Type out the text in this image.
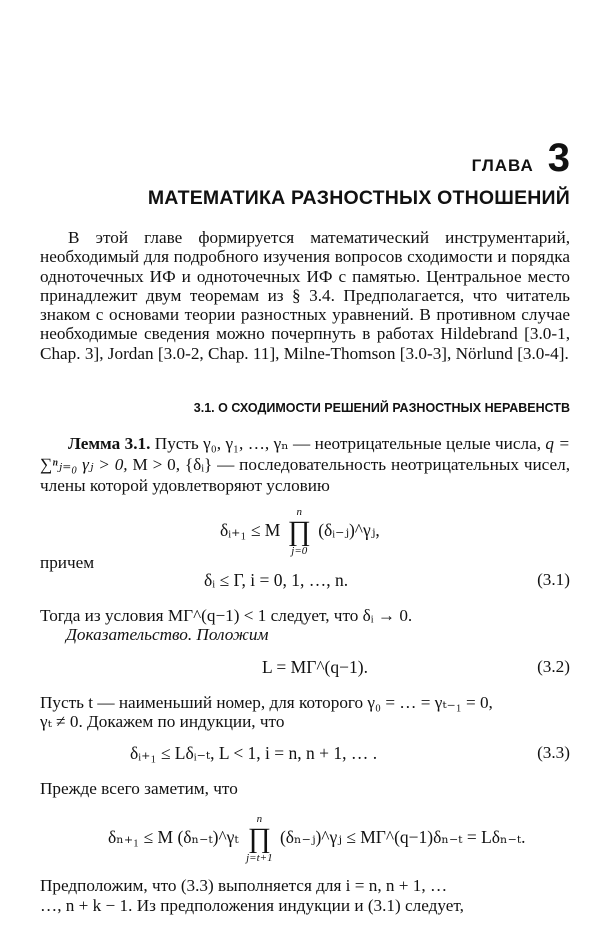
ГЛАВА 3
МАТЕМАТИКА РАЗНОСТНЫХ ОТНОШЕНИЙ

В этой главе формируется математический инструментарий, необходимый для подробного изучения вопросов сходимости и порядка одноточечных ИФ и одноточечных ИФ с памятью. Центральное место принадлежит двум теоремам из § 3.4. Предполагается, что читатель знаком с основами теории разностных уравнений. В противном случае необходимые сведения можно почерпнуть в работах Hildebrand [3.0-1, Chap. 3], Jordan [3.0-2, Chap. 11], Milne-Thomson [3.0-3], Nörlund [3.0-4].

3.1. О СХОДИМОСТИ РЕШЕНИЙ РАЗНОСТНЫХ НЕРАВЕНСТВ

Лемма 3.1. Пусть γ₀, γ₁, …, γₙ — неотрицательные целые числа, q = ∑ⁿⱼ₌₀ γⱼ > 0, M > 0, {δᵢ} — последовательность неотрицательных чисел, члены которой удовлетворяют условию

δᵢ₊₁ ≤ M
n
∏
j=0
(δᵢ₋ⱼ)^γⱼ,
причем
δᵢ ≤ Γ, i = 0, 1, …, n.	(3.1)
Тогда из условия MΓ^(q−1) < 1 следует, что δᵢ → 0.
Доказательство. Положим
L = MΓ^(q−1).	(3.2)
Пусть t — наименьший номер, для которого γ₀ = … = γₜ₋₁ = 0,
γₜ ≠ 0. Докажем по индукции, что
δᵢ₊₁ ≤ Lδᵢ₋ₜ, L < 1, i = n, n + 1, … .	(3.3)
Прежде всего заметим, что
δₙ₊₁ ≤ M (δₙ₋ₜ)^γₜ
n
∏
j=t+1
(δₙ₋ⱼ)^γⱼ ≤ MΓ^(q−1)δₙ₋ₜ = Lδₙ₋ₜ.
Предположим, что (3.3) выполняется для i = n, n + 1, …
…, n + k − 1. Из предположения индукции и (3.1) следует,
